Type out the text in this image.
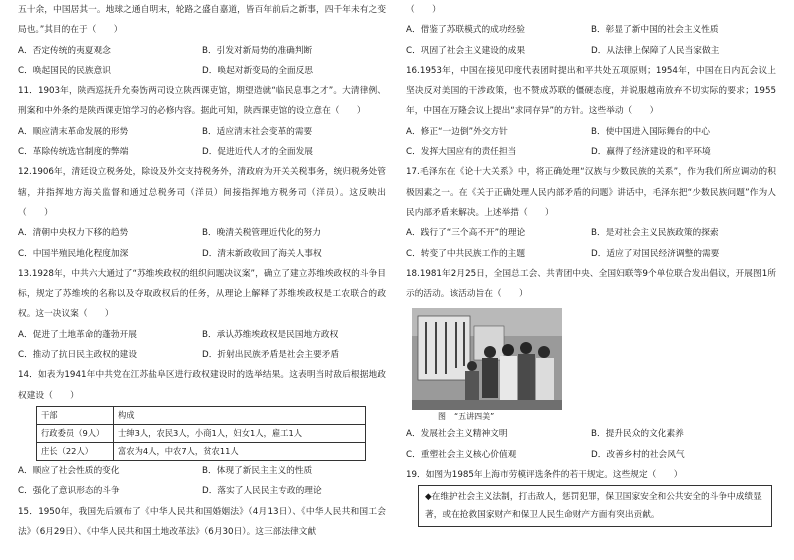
五十余，中国居其一。地球之通自明末，轮路之盛自嘉道，皆百年前后之新事，四千年未有之变局也。”其目的在于（　　）

A．否定传统的夷夏观念	B．引发对新局势的准确判断
C．唤起国民的民族意识	D．唤起对新变局的全面反思

11．1903年，陕西巡抚升允奏饬两司设立陕西课吏馆，期望造就“临民息事之才”。大清律例、刑案和中外条约是陕西课吏馆学习的必修内容。据此可知，陕西课吏馆的设立意在（　　）

A．顺应清末革命发展的形势	B．适应清末社会变革的需要
C．革除传统选官制度的弊端	D．促进近代人才的全面发展

12.1906年，清廷设立税务处，除设及外交支持税务外，清政府为开关关税事务，统归税务处管辖，并指挥地方海关监督和通过总税务司（洋员）间接指挥地方税务司（洋员）。这反映出（　　）

A．清朝中央权力下移的趋势	B．晚清关税管理近代化的努力
C．中国半殖民地化程度加深	D．清末新政收回了海关人事权

13.1928年，中共六大通过了“苏维埃政权的组织问题决议案”，确立了建立苏维埃政权的斗争目标，规定了苏维埃的名称以及夺取政权后的任务，从理论上解释了苏维埃政权是工农联合的政权。这一决议案（　　）

A．促进了土地革命的蓬勃开展	B．承认苏维埃政权是民国地方政权
C．推动了抗日民主政权的建设	D．折射出民族矛盾是社会主要矛盾

14．如表为1941年中共党在江苏盐阜区进行政权建设时的选举结果。这表明当时敌后根据地政权建设（　　）

干部	构成
行政委员（9人）	士绅3人，农民3人，小商1人，妇女1人，雇工1人
庄长（22人）	富农为4人，中农7人，贫农11人
A．顺应了社会性质的变化	B．体现了新民主主义的性质
C．强化了意识形态的斗争	D．落实了人民民主专政的理论

15．1950年，我国先后颁布了《中华人民共和国婚姻法》（4月13日）、《中华人民共和国工会法》（6月29日）、《中华人民共和国土地改革法》（6月30日）。这三部法律文献

（　　）

A．借鉴了苏联模式的成功经验	B．彰显了新中国的社会主义性质
C．巩固了社会主义建设的成果	D．从法律上保障了人民当家做主

16.1953年，中国在接见印度代表团时提出和平共处五项原则；1954年，中国在日内瓦会议上坚决反对美国的干涉政策，也不赞成苏联的僵硬态度，并说服越南放弃不切实际的要求；1955年，中国在万隆会议上提出“求同存异”的方针。这些举动（　　）

A．修正“一边倒”外交方针	B．使中国进入国际舞台的中心
C．发挥大国应有的责任担当	D．赢得了经济建设的和平环境

17.毛泽东在《论十大关系》中，将正确处理“汉族与少数民族的关系”，作为我们所应调动的积极因素之一。在《关于正确处理人民内部矛盾的问题》讲话中，毛泽东把“少数民族问题”作为人民内部矛盾来解决。上述举措（　　）

A．践行了“三个高不开”的理论	B．是对社会主义民族政策的探索
C．转变了中共民族工作的主题	D．适应了对国民经济调整的需要

18.1981年2月25日，全国总工会、共青团中央、全国妇联等9个单位联合发出倡议，开展图1所示的活动。该活动旨在（　　）

图　“五讲四美”
A．发展社会主义精神文明	B．提升民众的文化素养
C．重塑社会主义核心价值观	D．改善乡村的社会风气

19．如图为1985年上海市劳模评选条件的若干规定。这些规定（　　）

◆在维护社会主义法制，打击敌人，惩罚犯罪，保卫国家安全和公共安全的斗争中成绩显著，或在抢救国家财产和保卫人民生命财产方面有突出贡献。
